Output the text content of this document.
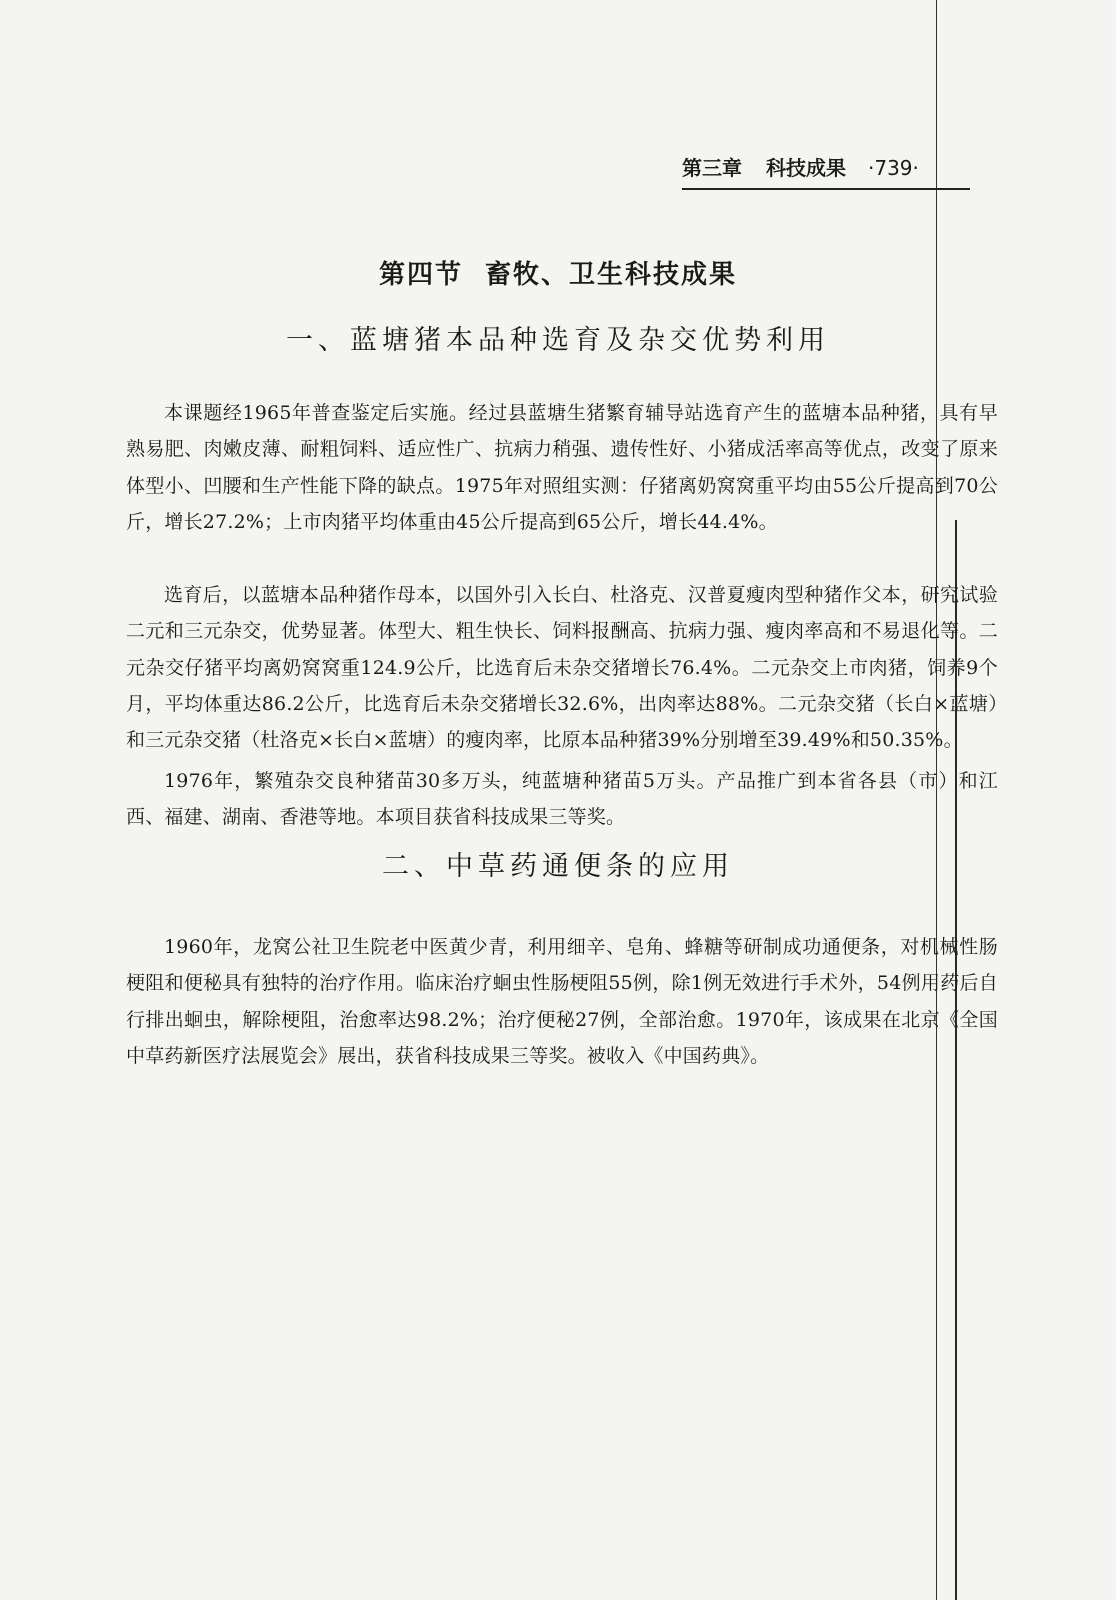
第三章 科技成果 ·739·
第四节 畜牧、卫生科技成果
一、蓝塘猪本品种选育及杂交优势利用

本课题经1965年普查鉴定后实施。经过县蓝塘生猪繁育辅导站选育产生的蓝塘本品种猪，具有早熟易肥、肉嫩皮薄、耐粗饲料、适应性广、抗病力稍强、遗传性好、小猪成活率高等优点，改变了原来体型小、凹腰和生产性能下降的缺点。1975年对照组实测：仔猪离奶窝窝重平均由55公斤提高到70公斤，增长27.2%；上市肉猪平均体重由45公斤提高到65公斤，增长44.4%。

选育后，以蓝塘本品种猪作母本，以国外引入长白、杜洛克、汉普夏瘦肉型种猪作父本，研究试验二元和三元杂交，优势显著。体型大、粗生快长、饲料报酬高、抗病力强、瘦肉率高和不易退化等。二元杂交仔猪平均离奶窝窝重124.9公斤，比选育后未杂交猪增长76.4%。二元杂交上市肉猪，饲养9个月，平均体重达86.2公斤，比选育后未杂交猪增长32.6%，出肉率达88%。二元杂交猪（长白×蓝塘）和三元杂交猪（杜洛克×长白×蓝塘）的瘦肉率，比原本品种猪39%分别增至39.49%和50.35%。

1976年，繁殖杂交良种猪苗30多万头，纯蓝塘种猪苗5万头。产品推广到本省各县（市）和江西、福建、湖南、香港等地。本项目获省科技成果三等奖。

二、中草药通便条的应用

1960年，龙窝公社卫生院老中医黄少青，利用细辛、皂角、蜂糖等研制成功通便条，对机械性肠梗阻和便秘具有独特的治疗作用。临床治疗蛔虫性肠梗阻55例，除1例无效进行手术外，54例用药后自行排出蛔虫，解除梗阻，治愈率达98.2%；治疗便秘27例，全部治愈。1970年，该成果在北京《全国中草药新医疗法展览会》展出，获省科技成果三等奖。被收入《中国药典》。
